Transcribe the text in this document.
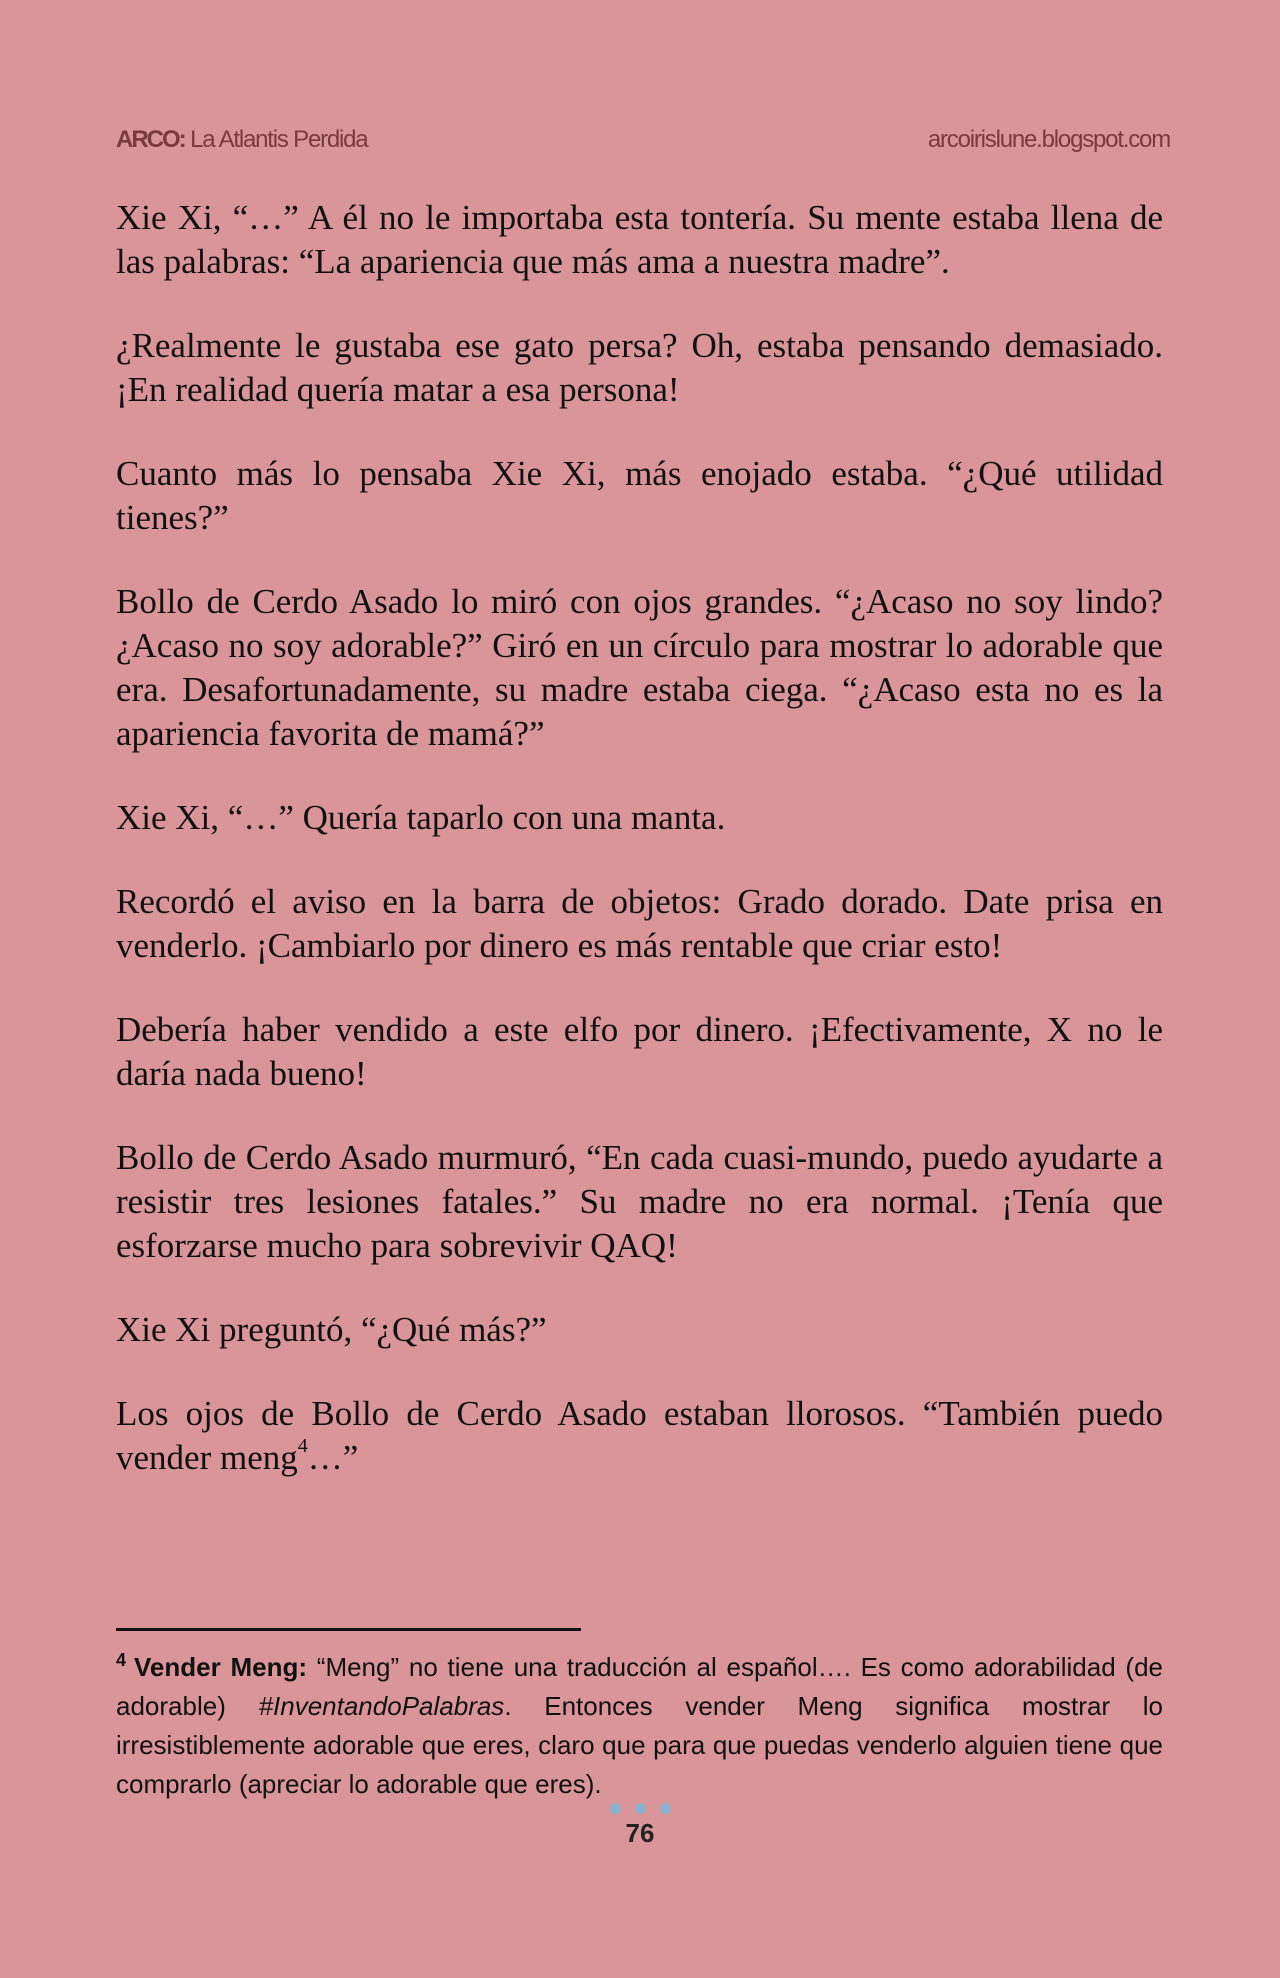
ARCO: La Atlantis Perdida	arcoirislune.blogspot.com

Xie Xi, “…” A él no le importaba esta tontería. Su mente estaba llena de las palabras: “La apariencia que más ama a nuestra madre”.

¿Realmente le gustaba ese gato persa? Oh, estaba pensando demasiado. ¡En realidad quería matar a esa persona!

Cuanto más lo pensaba Xie Xi, más enojado estaba. “¿Qué utilidad tienes?”

Bollo de Cerdo Asado lo miró con ojos grandes. “¿Acaso no soy lindo? ¿Acaso no soy adorable?” Giró en un círculo para mostrar lo adorable que era. Desafortunadamente, su madre estaba ciega. “¿Acaso esta no es la apariencia favorita de mamá?”

Xie Xi, “…” Quería taparlo con una manta.

Recordó el aviso en la barra de objetos: Grado dorado. Date prisa en venderlo. ¡Cambiarlo por dinero es más rentable que criar esto!

Debería haber vendido a este elfo por dinero. ¡Efectivamente, X no le daría nada bueno!

Bollo de Cerdo Asado murmuró, “En cada cuasi-mundo, puedo ayudarte a resistir tres lesiones fatales.” Su madre no era normal. ¡Tenía que esforzarse mucho para sobrevivir QAQ!

Xie Xi preguntó, “¿Qué más?”

Los ojos de Bollo de Cerdo Asado estaban llorosos. “También puedo vender meng$^4$…”

$^4$ Vender Meng: “Meng” no tiene una traducción al español…. Es como adorabilidad (de adorable) #InventandoPalabras. Entonces vender Meng significa mostrar lo irresistiblemente adorable que eres, claro que para que puedas venderlo alguien tiene que comprarlo (apreciar lo adorable que eres).
76
